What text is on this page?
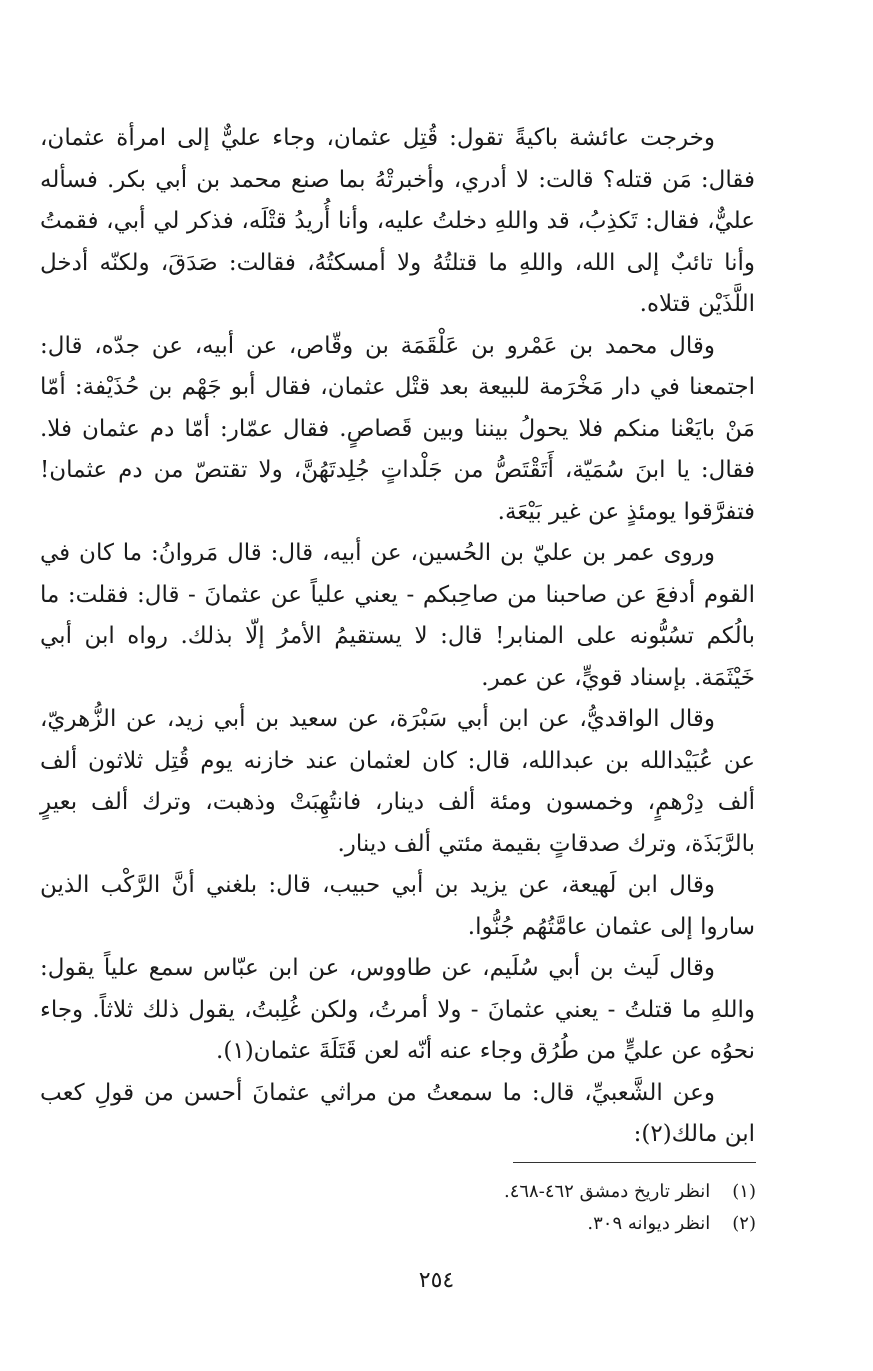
وخرجت عائشة باكيةً تقول: قُتِل عثمان، وجاء عليٌّ إلى امرأة عثمان، فقال: مَن قتله؟ قالت: لا أدري، وأخبرتْهُ بما صنع محمد بن أبي بكر. فسأله عليٌّ، فقال: تَكذِبُ، قد واللهِ دخلتُ عليه، وأنا أُريدُ قتْلَه، فذكر لي أبي، فقمتُ وأنا تائبٌ إلى الله، واللهِ ما قتلتُهُ ولا أمسكتُهُ، فقالت: صَدَقَ، ولكنّه أدخل اللَّذَيْن قتلاه.

وقال محمد بن عَمْرو بن عَلْقَمَة بن وقّاص، عن أبيه، عن جدّه، قال: اجتمعنا في دار مَخْرَمة للبيعة بعد قتْل عثمان، فقال أبو جَهْم بن حُذَيْفة: أمّا مَنْ بايَعْنا منكم فلا يحولُ بيننا وبين قَصاصٍ. فقال عمّار: أمّا دم عثمان فلا. فقال: يا ابنَ سُمَيّة، أَتَقْتَصُّ من جَلْداتٍ جُلِدتَهُنَّ، ولا تقتصّ من دم عثمان! فتفرَّقوا يومئذٍ عن غير بَيْعَة.

وروى عمر بن عليّ بن الحُسين، عن أبيه، قال: قال مَروانُ: ما كان في القوم أدفعَ عن صاحبنا من صاحِبكم - يعني علياً عن عثمانَ - قال: فقلت: ما بالُكم تسُبُّونه على المنابر! قال: لا يستقيمُ الأمرُ إلّا بذلك. رواه ابن أبي خَيْثَمَة. بإسناد قويٍّ، عن عمر.

وقال الواقديُّ، عن ابن أبي سَبْرَة، عن سعيد بن أبي زيد، عن الزُّهريّ، عن عُبَيْدالله بن عبدالله، قال: كان لعثمان عند خازنه يوم قُتِل ثلاثون ألف ألف دِرْهمٍ، وخمسون ومئة ألف دينار، فانتُهِبَتْ وذهبت، وترك ألف بعيرٍ بالرَّبَذَة، وترك صدقاتٍ بقيمة مئتي ألف دينار.

وقال ابن لَهيعة، عن يزيد بن أبي حبيب، قال: بلغني أنَّ الرَّكْب الذين ساروا إلى عثمان عامَّتُهُم جُنُّوا.

وقال لَيث بن أبي سُلَيم، عن طاووس، عن ابن عبّاس سمع علياً يقول: واللهِ ما قتلتُ - يعني عثمانَ - ولا أمرتُ، ولكن غُلِبتُ، يقول ذلك ثلاثاً. وجاء نحوُه عن عليٍّ من طُرُق وجاء عنه أنّه لعن قَتَلَةَ عثمان(١).

وعن الشَّعبيِّ، قال: ما سمعتُ من مراثي عثمانَ أحسن من قولِ كعب ابن مالك(٢):

(١) انظر تاريخ دمشق ٤٦٢-٤٦٨.

(٢) انظر ديوانه ٣٠٩.

٢٥٤
